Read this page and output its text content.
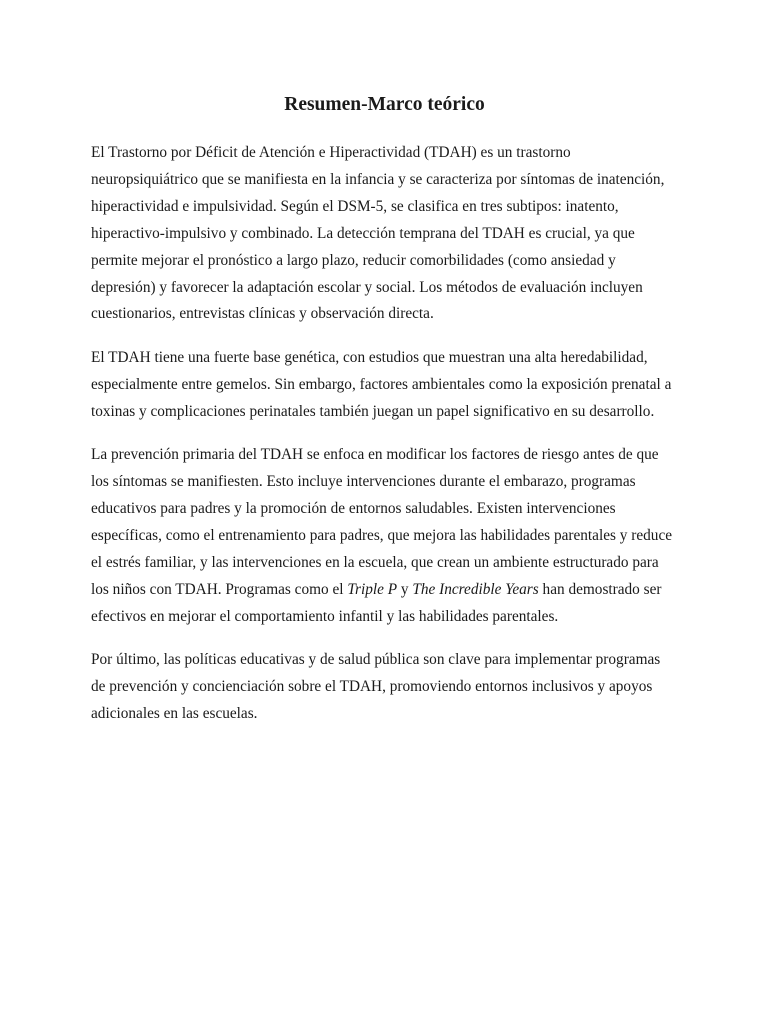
Resumen-Marco teórico

El Trastorno por Déficit de Atención e Hiperactividad (TDAH) es un trastorno neuropsiquiátrico que se manifiesta en la infancia y se caracteriza por síntomas de inatención, hiperactividad e impulsividad. Según el DSM-5, se clasifica en tres subtipos: inatento, hiperactivo-impulsivo y combinado. La detección temprana del TDAH es crucial, ya que permite mejorar el pronóstico a largo plazo, reducir comorbilidades (como ansiedad y depresión) y favorecer la adaptación escolar y social. Los métodos de evaluación incluyen cuestionarios, entrevistas clínicas y observación directa.

El TDAH tiene una fuerte base genética, con estudios que muestran una alta heredabilidad, especialmente entre gemelos. Sin embargo, factores ambientales como la exposición prenatal a toxinas y complicaciones perinatales también juegan un papel significativo en su desarrollo.

La prevención primaria del TDAH se enfoca en modificar los factores de riesgo antes de que los síntomas se manifiesten. Esto incluye intervenciones durante el embarazo, programas educativos para padres y la promoción de entornos saludables. Existen intervenciones específicas, como el entrenamiento para padres, que mejora las habilidades parentales y reduce el estrés familiar, y las intervenciones en la escuela, que crean un ambiente estructurado para los niños con TDAH. Programas como el Triple P y The Incredible Years han demostrado ser efectivos en mejorar el comportamiento infantil y las habilidades parentales.

Por último, las políticas educativas y de salud pública son clave para implementar programas de prevención y concienciación sobre el TDAH, promoviendo entornos inclusivos y apoyos adicionales en las escuelas.
